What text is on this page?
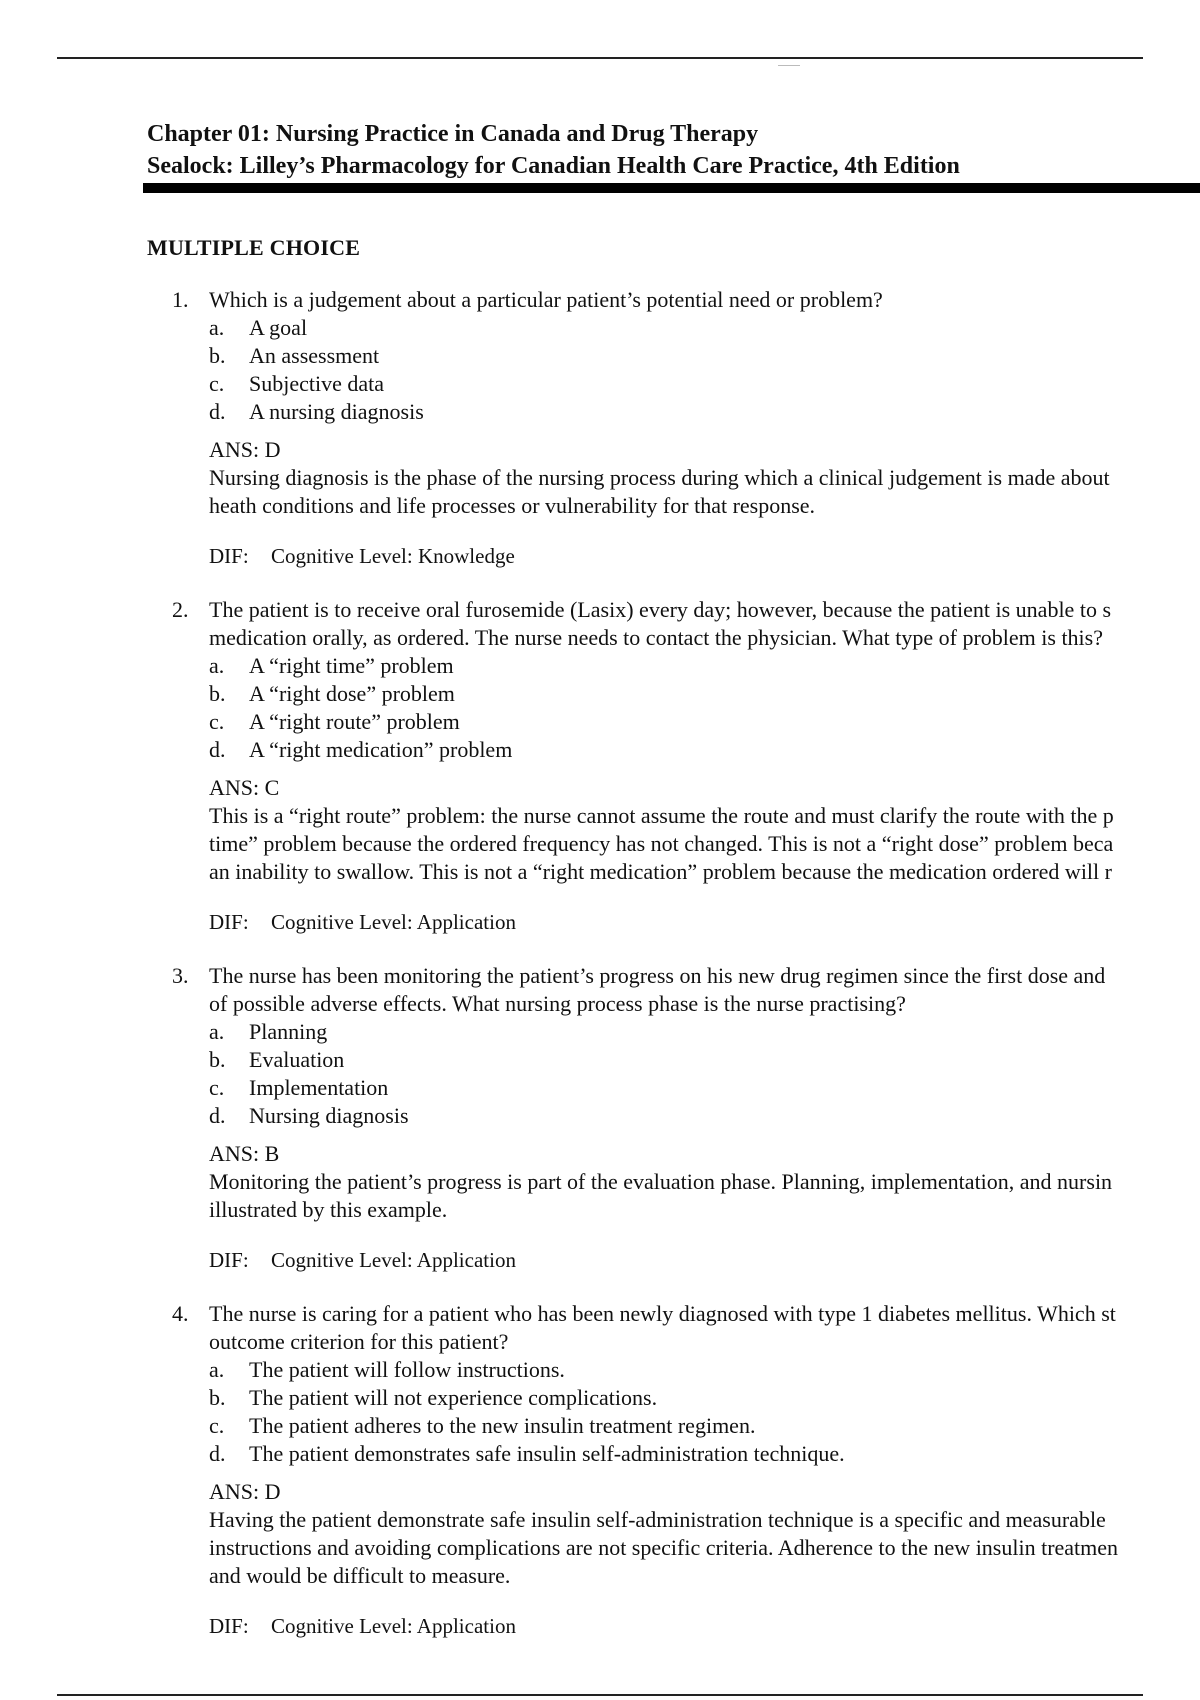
Chapter 01: Nursing Practice in Canada and Drug Therapy
Sealock: Lilley’s Pharmacology for Canadian Health Care Practice, 4th Edition
MULTIPLE CHOICE
1. Which is a judgement about a particular patient’s potential need or problem?
a. A goal
b. An assessment
c. Subjective data
d. A nursing diagnosis
ANS: D
Nursing diagnosis is the phase of the nursing process during which a clinical judgement is made about
heath conditions and life processes or vulnerability for that response.
DIF: Cognitive Level: Knowledge
2. The patient is to receive oral furosemide (Lasix) every day; however, because the patient is unable to s
medication orally, as ordered. The nurse needs to contact the physician. What type of problem is this?
a. A “right time” problem
b. A “right dose” problem
c. A “right route” problem
d. A “right medication” problem
ANS: C
This is a “right route” problem: the nurse cannot assume the route and must clarify the route with the p
time” problem because the ordered frequency has not changed. This is not a “right dose” problem beca
an inability to swallow. This is not a “right medication” problem because the medication ordered will r
DIF: Cognitive Level: Application
3. The nurse has been monitoring the patient’s progress on his new drug regimen since the first dose and
of possible adverse effects. What nursing process phase is the nurse practising?
a. Planning
b. Evaluation
c. Implementation
d. Nursing diagnosis
ANS: B
Monitoring the patient’s progress is part of the evaluation phase. Planning, implementation, and nursin
illustrated by this example.
DIF: Cognitive Level: Application
4. The nurse is caring for a patient who has been newly diagnosed with type 1 diabetes mellitus. Which st
outcome criterion for this patient?
a. The patient will follow instructions.
b. The patient will not experience complications.
c. The patient adheres to the new insulin treatment regimen.
d. The patient demonstrates safe insulin self-administration technique.
ANS: D
Having the patient demonstrate safe insulin self-administration technique is a specific and measurable
instructions and avoiding complications are not specific criteria. Adherence to the new insulin treatmen
and would be difficult to measure.
DIF: Cognitive Level: Application
